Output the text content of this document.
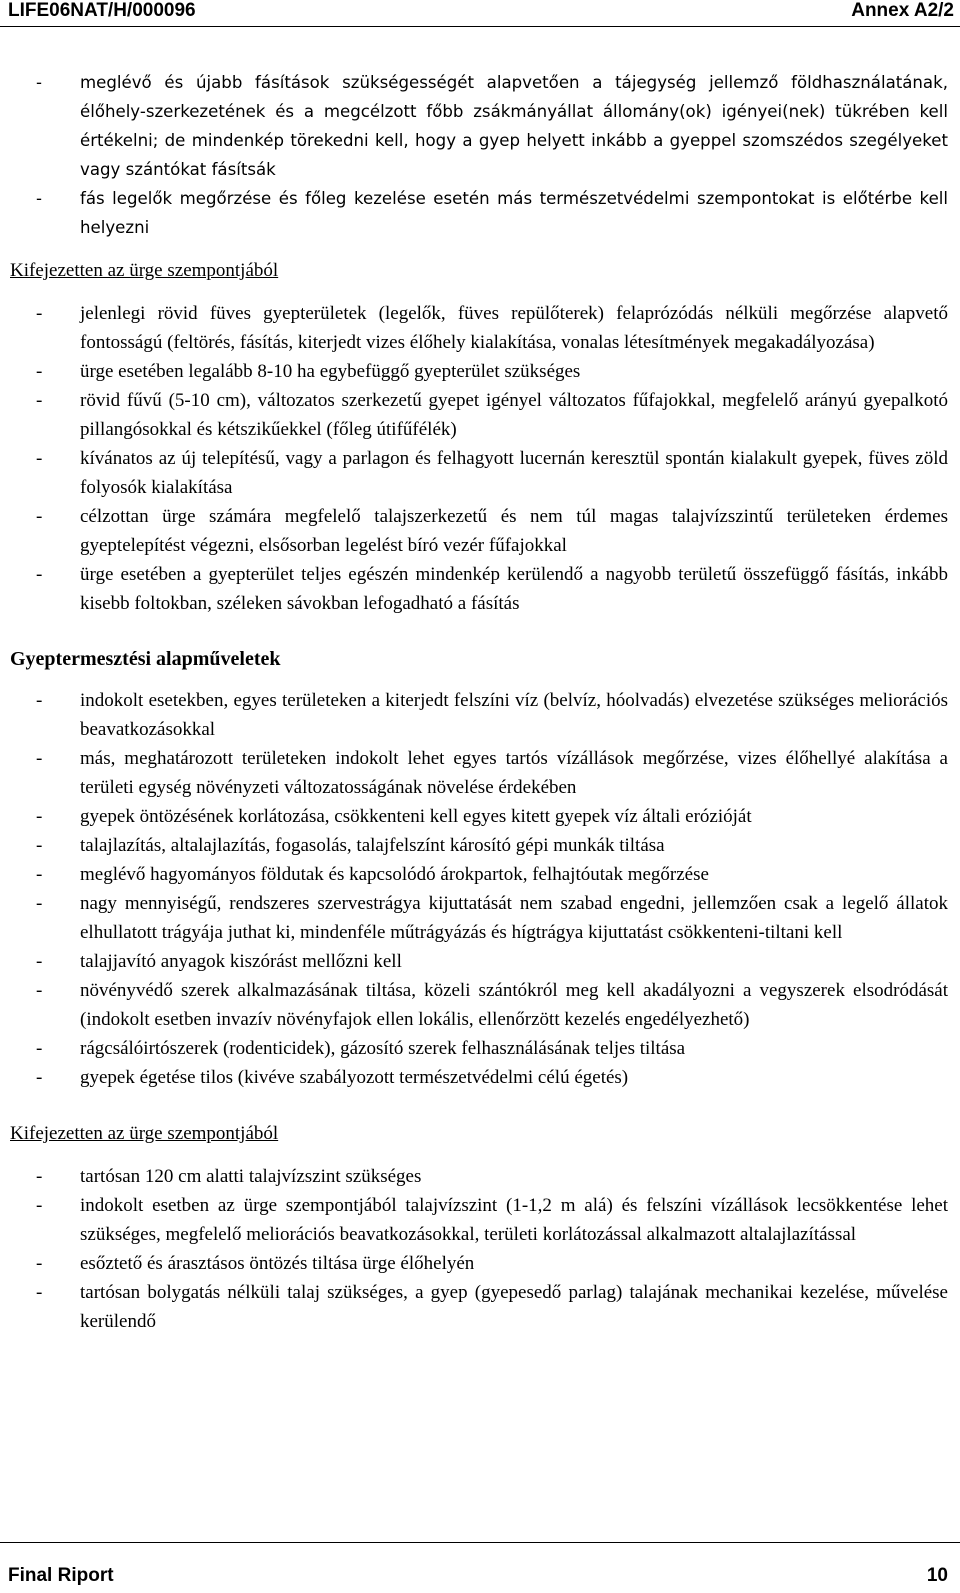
LIFE06NAT/H/000096	Annex A2/2
- meglévő és újabb fásítások szükségességét alapvetően a tájegység jellemző földhasználatának, élőhely-szerkezetének és a megcélzott főbb zsákmányállat állomány(ok) igényei(nek) tükrében kell értékelni; de mindenkép törekedni kell, hogy a gyep helyett inkább a gyeppel szomszédos szegélyeket vagy szántókat fásítsák
- fás legelők megőrzése és főleg kezelése esetén más természetvédelmi szempontokat is előtérbe kell helyezni

Kifejezetten az ürge szempontjából

- jelenlegi rövid füves gyepterületek (legelők, füves repülőterek) felaprózódás nélküli megőrzése alapvető fontosságú (feltörés, fásítás, kiterjedt vizes élőhely kialakítása, vonalas létesítmények megakadályozása)
- ürge esetében legalább 8-10 ha egybefüggő gyepterület szükséges
- rövid fűvű (5-10 cm), változatos szerkezetű gyepet igényel változatos fűfajokkal, megfelelő arányú gyepalkotó pillangósokkal és kétszikűekkel (főleg útifűfélék)
- kívánatos az új telepítésű, vagy a parlagon és felhagyott lucernán keresztül spontán kialakult gyepek, füves zöld folyosók kialakítása
- célzottan ürge számára megfelelő talajszerkezetű és nem túl magas talajvízszintű területeken érdemes gyeptelepítést végezni, elsősorban legelést bíró vezér fűfajokkal
- ürge esetében a gyepterület teljes egészén mindenkép kerülendő a nagyobb területű összefüggő fásítás, inkább kisebb foltokban, széleken sávokban lefogadható a fásítás

Gyeptermesztési alapműveletek

- indokolt esetekben, egyes területeken a kiterjedt felszíni víz (belvíz, hóolvadás) elvezetése szükséges meliorációs beavatkozásokkal
- más, meghatározott területeken indokolt lehet egyes tartós vízállások megőrzése, vizes élőhellyé alakítása a területi egység növényzeti változatosságának növelése érdekében
- gyepek öntözésének korlátozása, csökkenteni kell egyes kitett gyepek víz általi erózióját
- talajlazítás, altalajlazítás, fogasolás, talajfelszínt károsító gépi munkák tiltása
- meglévő hagyományos földutak és kapcsolódó árokpartok, felhajtóutak megőrzése
- nagy mennyiségű, rendszeres szervestrágya kijuttatását nem szabad engedni, jellemzően csak a legelő állatok elhullatott trágyája juthat ki, mindenféle műtrágyázás és hígtrágya kijuttatást csökkenteni-tiltani kell
- talajjavító anyagok kiszórást mellőzni kell
- növényvédő szerek alkalmazásának tiltása, közeli szántókról meg kell akadályozni a vegyszerek elsodródását (indokolt esetben invazív növényfajok ellen lokális, ellenőrzött kezelés engedélyezhető)
- rágcsálóirtószerek (rodenticidek), gázosító szerek felhasználásának teljes tiltása
- gyepek égetése tilos (kivéve szabályozott természetvédelmi célú égetés)

Kifejezetten az ürge szempontjából

- tartósan 120 cm alatti talajvízszint szükséges
- indokolt esetben az ürge szempontjából talajvízszint (1-1,2 m alá) és felszíni vízállások lecsökkentése lehet szükséges, megfelelő meliorációs beavatkozásokkal, területi korlátozással alkalmazott altalajlazítással
- esőztető és árasztásos öntözés tiltása ürge élőhelyén
- tartósan bolygatás nélküli talaj szükséges, a gyep (gyepesedő parlag) talajának mechanikai kezelése, művelése kerülendő
Final Riport	10
